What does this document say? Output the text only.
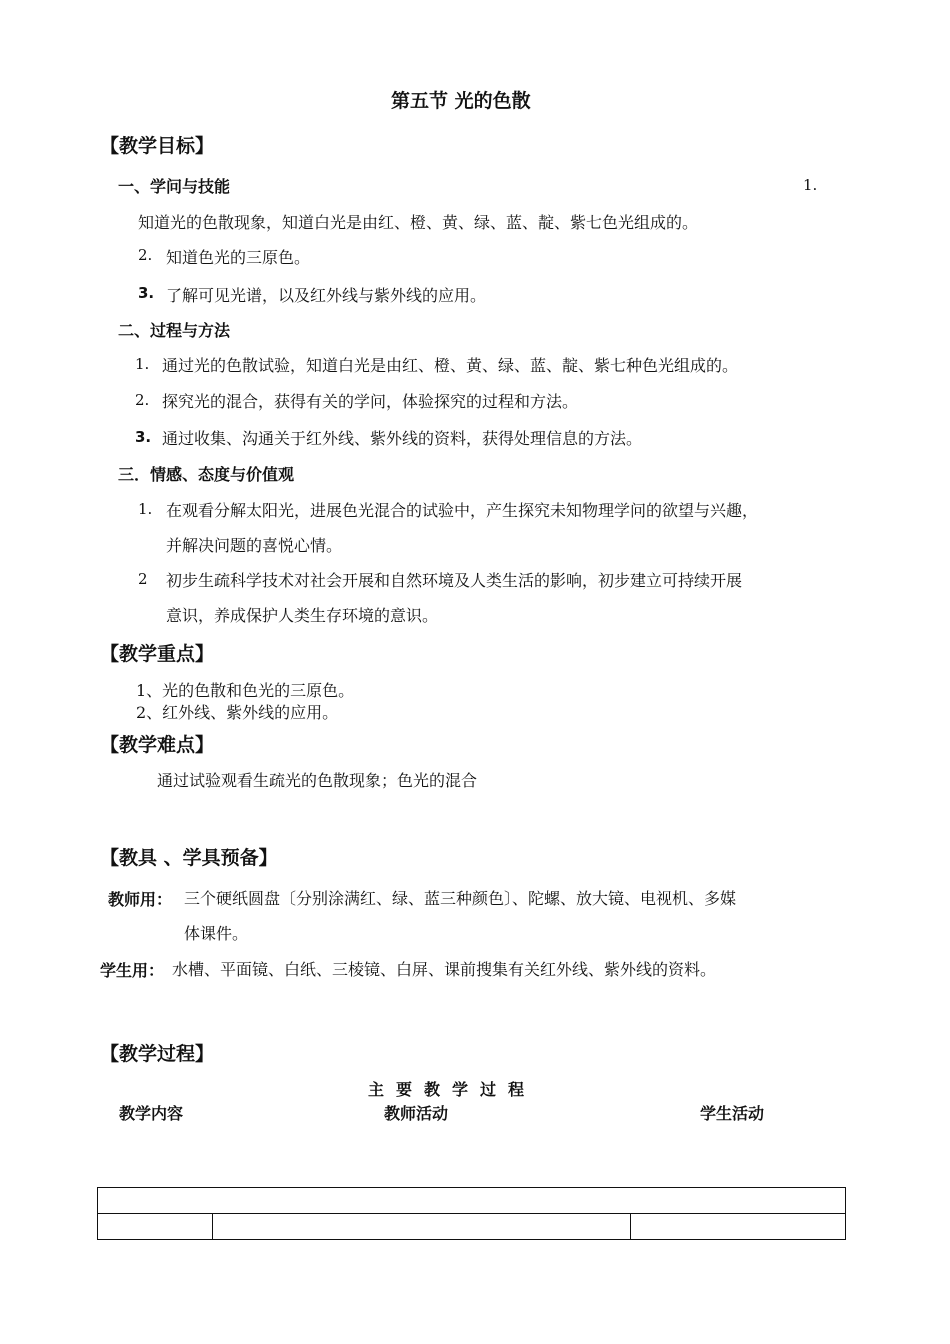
第五节 光的色散
【教学目标】
一、学问与技能	1.
知道光的色散现象，知道白光是由红、橙、黄、绿、蓝、靛、紫七色光组成的。
2. 知道色光的三原色。
3. 了解可见光谱，以及红外线与紫外线的应用。
二、过程与方法
1. 通过光的色散试验，知道白光是由红、橙、黄、绿、蓝、靛、紫七种色光组成的。
2. 探究光的混合，获得有关的学问，体验探究的过程和方法。
3. 通过收集、沟通关于红外线、紫外线的资料，获得处理信息的方法。
三．情感、态度与价值观
1. 在观看分解太阳光，进展色光混合的试验中，产生探究未知物理学问的欲望与兴趣，
并解决问题的喜悦心情。
2 初步生疏科学技术对社会开展和自然环境及人类生活的影响，初步建立可持续开展
意识，养成保护人类生存环境的意识。
【教学重点】
1、光的色散和色光的三原色。
2、红外线、紫外线的应用。
【教学难点】
通过试验观看生疏光的色散现象；色光的混合
【教具 、学具预备】
教师用： 三个硬纸圆盘〔分别涂满红、绿、蓝三种颜色〕、陀螺、放大镜、电视机、多媒
体课件。
学生用： 水槽、平面镜、白纸、三棱镜、白屏、课前搜集有关红外线、紫外线的资料。
【教学过程】
主要教学过程
教学内容	教师活动	学生活动
